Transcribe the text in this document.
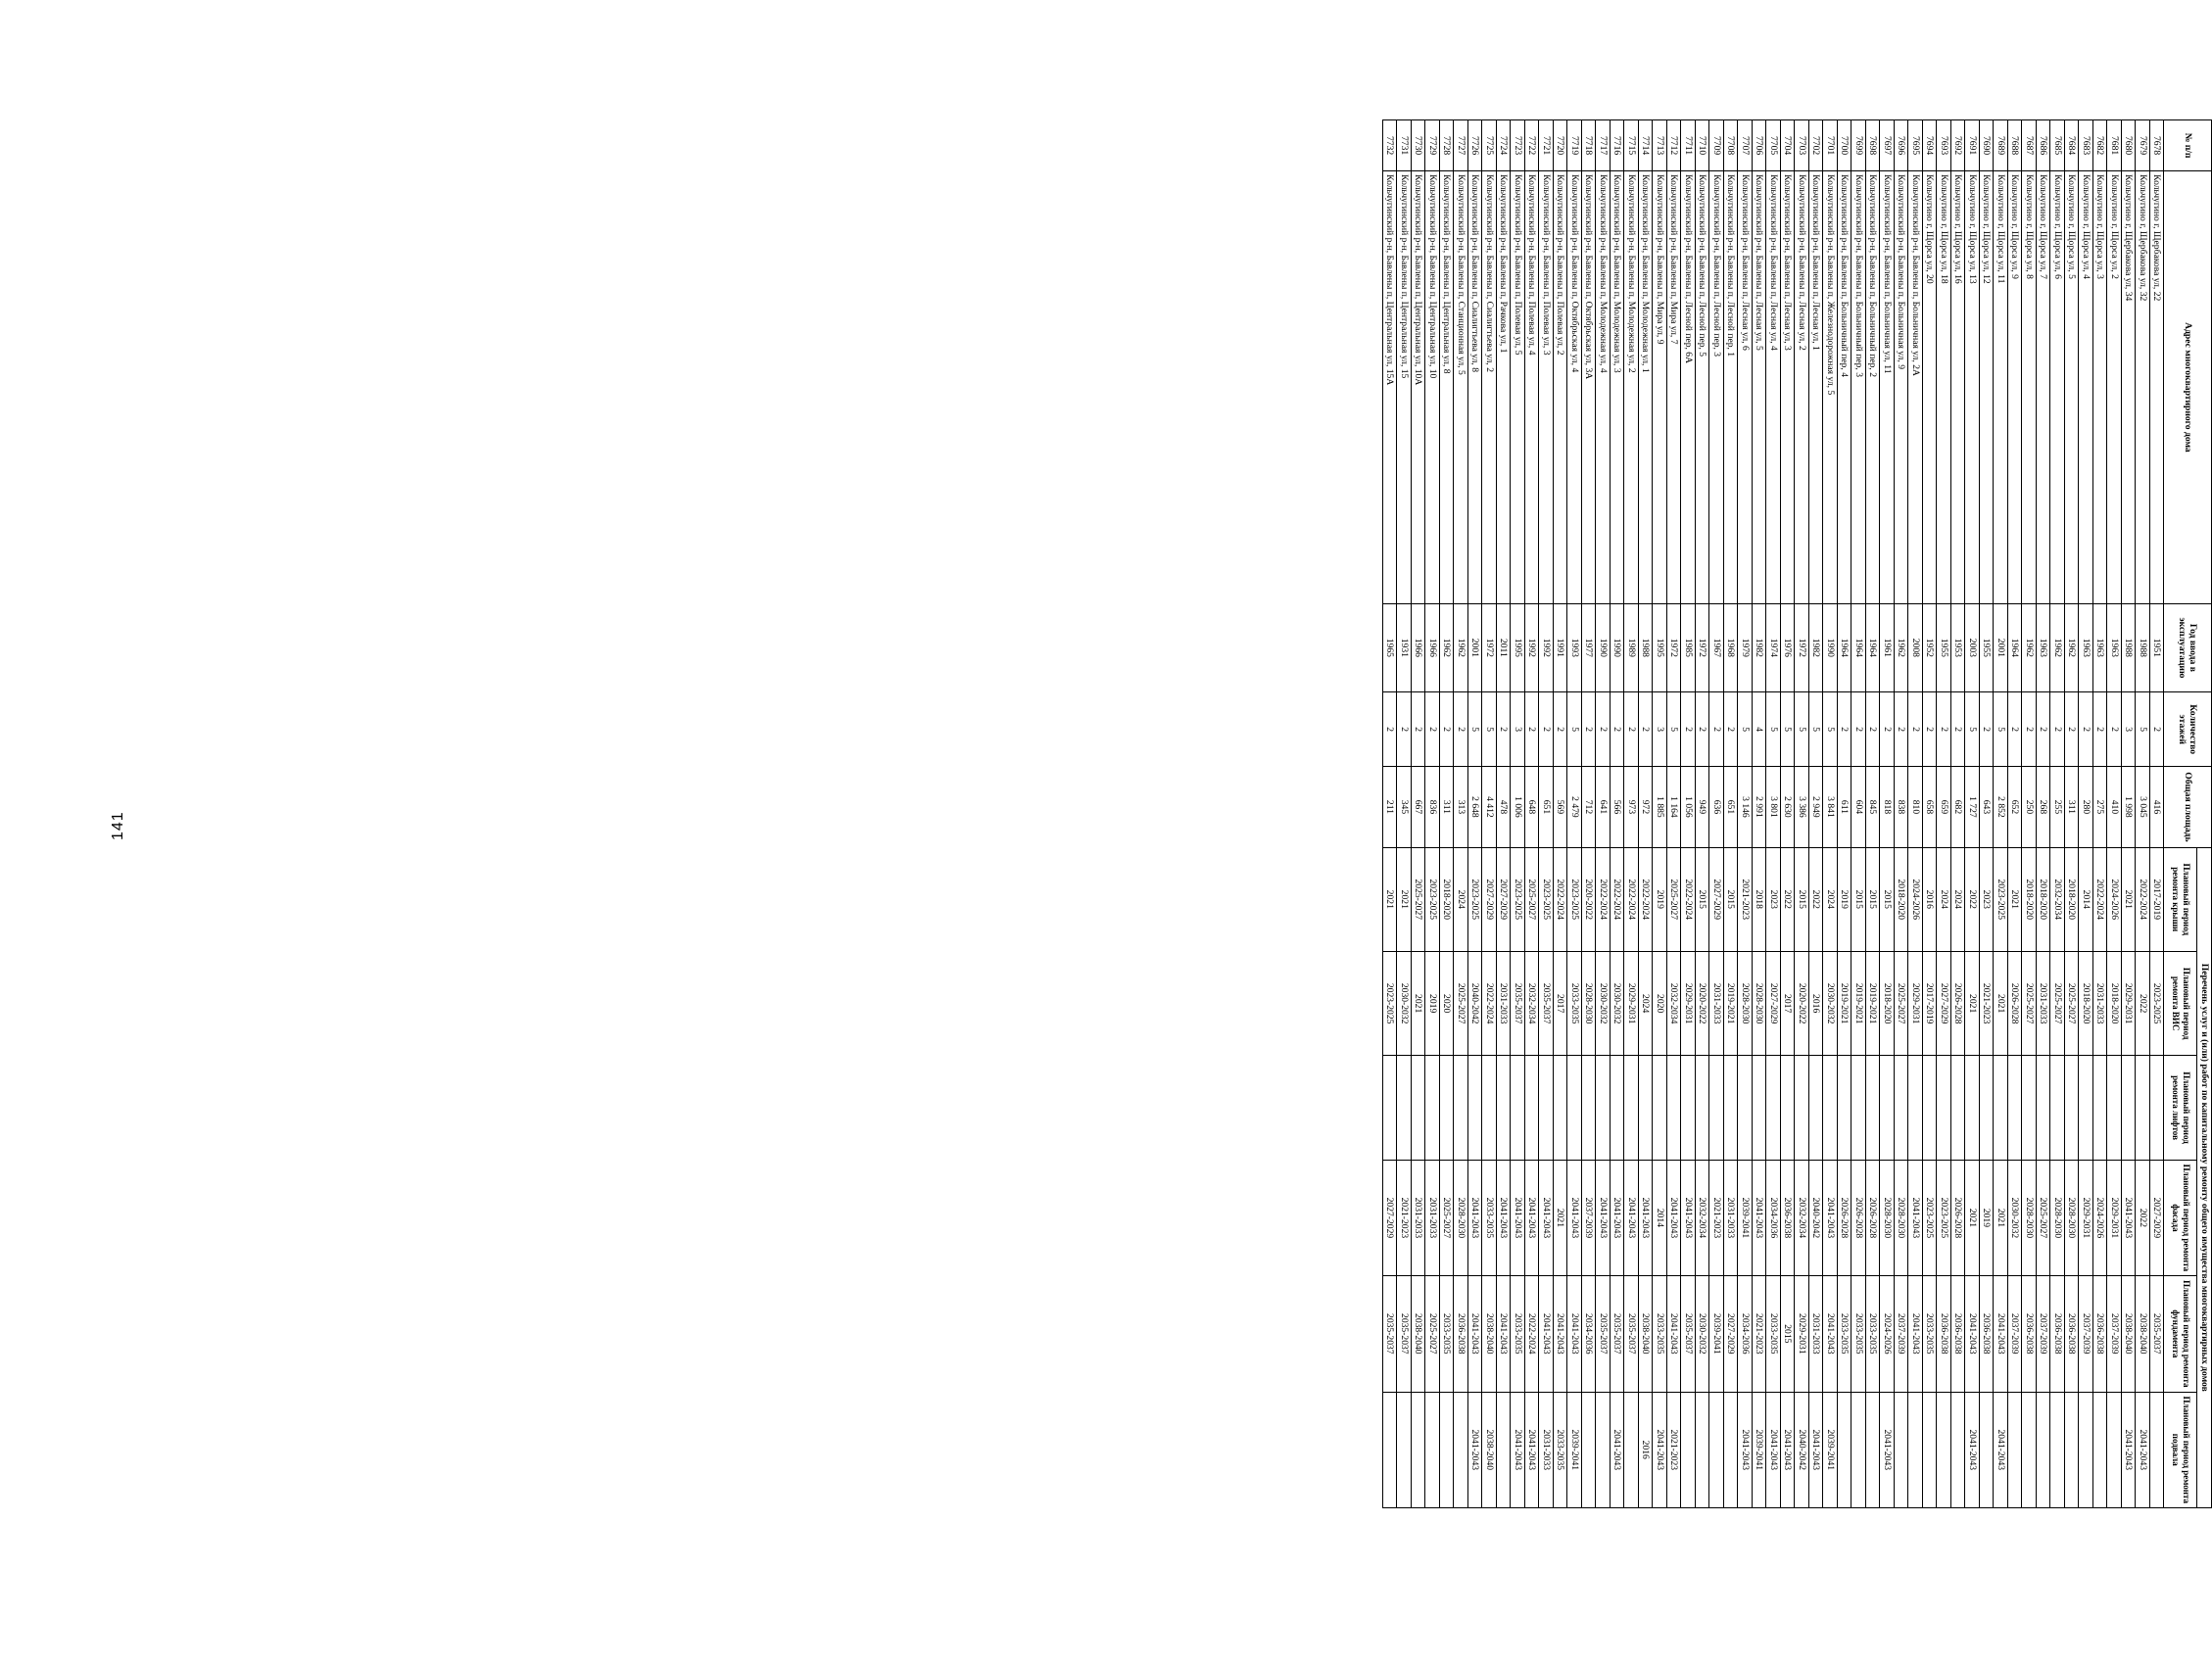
141
№ п/п	Адрес многоквартирного дома	Год ввода в эксплуатацию	Количество этажей	Общая площадь	Перечень услуг и (или) работ по капитальному ремонту общего имущества многоквартирных домов					
					Плановый период ремонта крыши	Плановый период ремонта ВИС	Плановый период ремонта лифтов	Плановый период ремонта фасада	Плановый период ремонта фундамента	Плановый период ремонта подвала
7678	Кольчугино г, Щербакова ул, 22	1951	2	416	2017-2019	2023-2025		2027-2029	2035-2037	
7679	Кольчугино г, Щербакова ул, 32	1988	5	3 045	2022-2024	2022		2022	2038-2040	2041-2043
7680	Кольчугино г, Щербакова ул, 34	1988	3	1 998	2021	2029-2031		2041-2043	2038-2040	2041-2043
7681	Кольчугино г, Щорса ул, 2	1963	2	410	2024-2026	2018-2020		2029-2031	2037-2039	
7682	Кольчугино г, Щорса ул, 3	1963	2	275	2022-2024	2031-2033		2024-2026	2036-2038	
7683	Кольчугино г, Щорса ул, 4	1963	2	280	2014	2018-2020		2029-2031	2037-2039	
7684	Кольчугино г, Щорса ул, 5	1962	2	311	2018-2020	2025-2027		2028-2030	2036-2038	
7685	Кольчугино г, Щорса ул, 6	1962	2	255	2032-2034	2025-2027		2028-2030	2036-2038	
7686	Кольчугино г, Щорса ул, 7	1963	2	268	2018-2020	2031-2033		2025-2027	2037-2039	
7687	Кольчугино г, Щорса ул, 8	1962	2	250	2018-2020	2025-2027		2028-2030	2036-2038	
7688	Кольчугино г, Щорса ул, 9	1964	2	652	2021	2026-2028		2030-2032	2037-2039	
7689	Кольчугино г, Щорса ул, 11	2001	5	2 852	2023-2025	2021		2021	2041-2043	2041-2043
7690	Кольчугино г, Щорса ул, 12	1955	2	643	2023	2021-2023		2019	2036-2038	
7691	Кольчугино г, Щорса ул, 13	2003	5	1 727	2022	2021		2021	2041-2043	2041-2043
7692	Кольчугино г, Щорса ул, 16	1953	2	682	2024	2026-2028		2026-2028	2036-2038	
7693	Кольчугино г, Щорса ул, 18	1955	2	659	2024	2027-2029		2023-2025	2036-2038	
7694	Кольчугино г, Щорса ул, 20	1952	2	658	2016	2017-2019		2023-2025	2033-2035	
7695	Кольчугинский р-н, Бавлены п, Больничная ул, 2А	2008	2	810	2024-2026	2029-2031		2041-2043	2041-2043	
7696	Кольчугинский р-н, Бавлены п, Больничная ул, 9	1962	2	838	2018-2020	2025-2027		2028-2030	2037-2039	
7697	Кольчугинский р-н, Бавлены п, Больничная ул, 11	1961	2	818	2015	2018-2020		2028-2030	2024-2026	2041-2043
7698	Кольчугинский р-н, Бавлены п, Больничный пер, 2	1964	2	845	2015	2019-2021		2026-2028	2033-2035	
7699	Кольчугинский р-н, Бавлены п, Больничный пер, 3	1964	2	604	2015	2019-2021		2026-2028	2033-2035	
7700	Кольчугинский р-н, Бавлены п, Больничный пер, 4	1964	2	611	2019	2019-2021		2026-2028	2033-2035	
7701	Кольчугинский р-н, Бавлены п, Железнодорожная ул, 5	1990	5	3 841	2024	2030-2032		2041-2043	2041-2043	2039-2041
7702	Кольчугинский р-н, Бавлены п, Лесная ул, 1	1982	5	2 949	2022	2016		2040-2042	2031-2033	2041-2043
7703	Кольчугинский р-н, Бавлены п, Лесная ул, 2	1972	5	3 386	2015	2020-2022		2032-2034	2029-2031	2040-2042
7704	Кольчугинский р-н, Бавлены п, Лесная ул, 3	1976	5	2 630	2022	2017		2036-2038	2015	2041-2043
7705	Кольчугинский р-н, Бавлены п, Лесная ул, 4	1974	5	3 801	2023	2027-2029		2034-2036	2033-2035	2041-2043
7706	Кольчугинский р-н, Бавлены п, Лесная ул, 5	1982	4	2 991	2018	2028-2030		2041-2043	2021-2023	2039-2041
7707	Кольчугинский р-н, Бавлены п, Лесная ул, 6	1979	5	3 146	2021-2023	2028-2030		2039-2041	2034-2036	2041-2043
7708	Кольчугинский р-н, Бавлены п, Лесной пер, 1	1968	2	651	2015	2019-2021		2031-2033	2027-2029	
7709	Кольчугинский р-н, Бавлены п, Лесной пер, 3	1967	2	636	2027-2029	2031-2033		2021-2023	2039-2041	
7710	Кольчугинский р-н, Бавлены п, Лесной пер, 5	1972	2	949	2015	2020-2022		2032-2034	2030-2032	
7711	Кольчугинский р-н, Бавлены п, Лесной пер, 6А	1985	2	1 056	2022-2024	2029-2031		2041-2043	2035-2037	
7712	Кольчугинский р-н, Бавлены п, Мира ул, 7	1972	5	1 164	2025-2027	2032-2034		2041-2043	2041-2043	2021-2023
7713	Кольчугинский р-н, Бавлены п, Мира ул, 9	1995	3	1 885	2019	2020		2014	2033-2035	2041-2043
7714	Кольчугинский р-н, Бавлены п, Молодежная ул, 1	1988	2	972	2022-2024	2024		2041-2043	2038-2040	2016
7715	Кольчугинский р-н, Бавлены п, Молодежная ул, 2	1989	2	973	2022-2024	2029-2031		2041-2043	2035-2037	
7716	Кольчугинский р-н, Бавлены п, Молодежная ул, 3	1990	2	566	2022-2024	2030-2032		2041-2043	2035-2037	2041-2043
7717	Кольчугинский р-н, Бавлены п, Молодежная ул, 4	1990	2	641	2022-2024	2030-2032		2041-2043	2035-2037	
7718	Кольчугинский р-н, Бавлены п, Октябрьская ул, 3А	1977	2	712	2020-2022	2028-2030		2037-2039	2034-2036	
7719	Кольчугинский р-н, Бавлены п, Октябрьская ул, 4	1993	5	2 479	2023-2025	2033-2035		2041-2043	2041-2043	2039-2041
7720	Кольчугинский р-н, Бавлены п, Полевая ул, 2	1991	2	569	2022-2024	2017		2021	2041-2043	2033-2035
7721	Кольчугинский р-н, Бавлены п, Полевая ул, 3	1992	2	651	2023-2025	2035-2037		2041-2043	2041-2043	2031-2033
7722	Кольчугинский р-н, Бавлены п, Полевая ул, 4	1992	2	648	2025-2027	2032-2034		2041-2043	2022-2024	2041-2043
7723	Кольчугинский р-н, Бавлены п, Полевая ул, 5	1995	3	1 006	2023-2025	2035-2037		2041-2043	2033-2035	2041-2043
7724	Кольчугинский р-н, Бавлены п, Рачкова ул, 1	2011	2	478	2027-2029	2031-2033		2041-2043	2041-2043	
7725	Кольчугинский р-н, Бавлены п, Сиалигтьева ул, 2	1972	5	4 412	2027-2029	2022-2024		2033-2035	2038-2040	2038-2040
7726	Кольчугинский р-н, Бавлены п, Сиалигтьева ул, 8	2001	5	2 648	2023-2025	2040-2042		2041-2043	2041-2043	2041-2043
7727	Кольчугинский р-н, Бавлены п, Станционная ул, 5	1962	2	313	2024	2025-2027		2028-2030	2036-2038	
7728	Кольчугинский р-н, Бавлены п, Центральная ул, 8	1962	2	311	2018-2020	2020		2025-2027	2033-2035	
7729	Кольчугинский р-н, Бавлены п, Центральная ул, 10	1966	2	836	2023-2025	2019		2031-2033	2025-2027	
7730	Кольчугинский р-н, Бавлены п, Центральная ул, 10А	1966	2	667	2025-2027	2021		2031-2033	2038-2040	
7731	Кольчугинский р-н, Бавлены п, Центральная ул, 15	1931	2	345	2021	2030-2032		2021-2023	2035-2037	
7732	Кольчугинский р-н, Бавлены п, Центральная ул, 15А	1965	2	211	2021	2023-2025		2027-2029	2035-2037	
